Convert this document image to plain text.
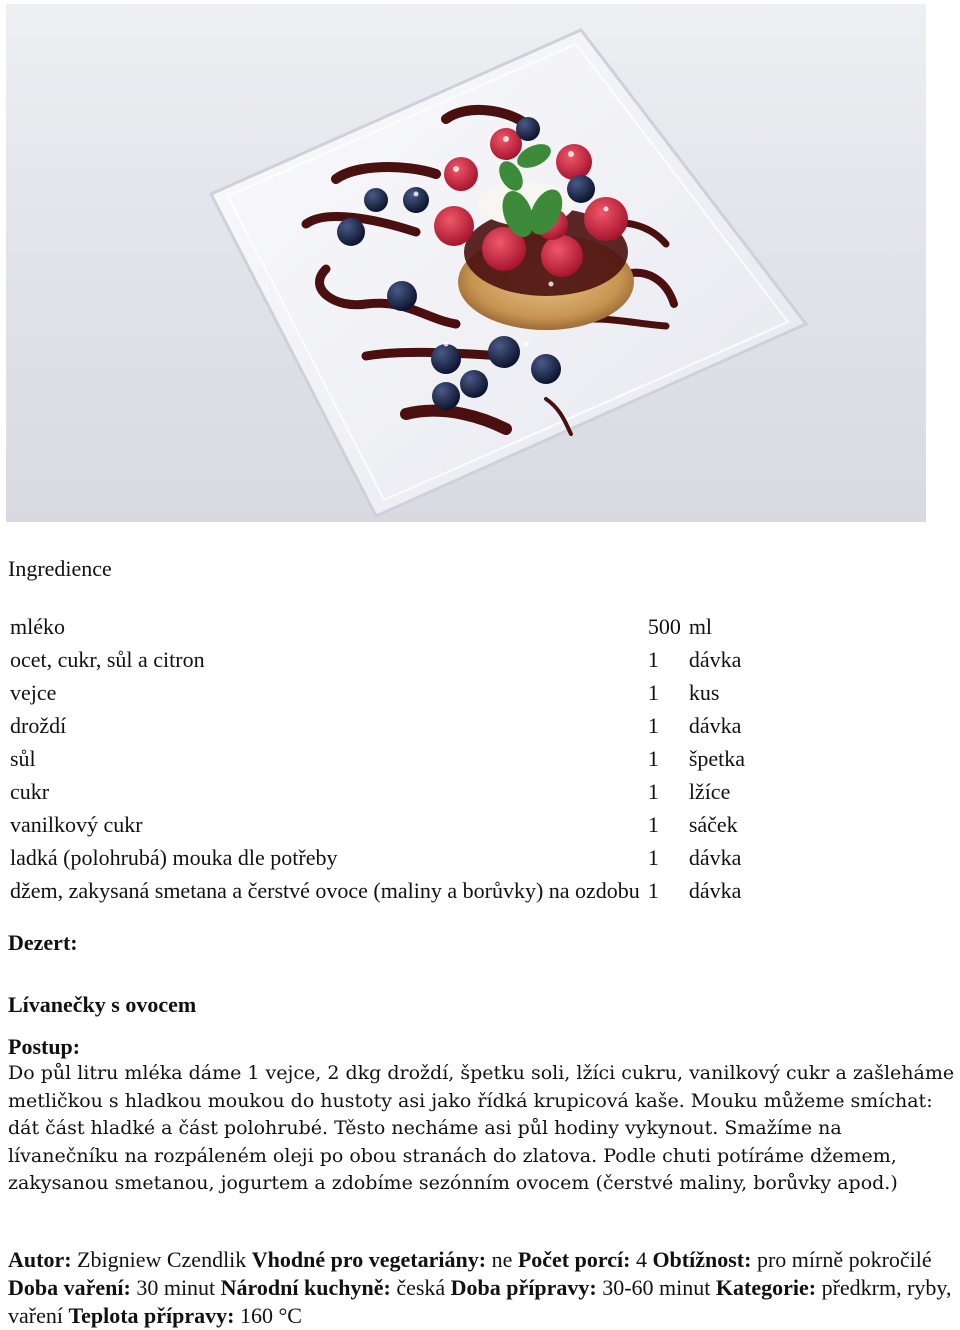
Ingredience
mléko	500	ml
ocet, cukr, sůl a citron	1	dávka
vejce	1	kus
droždí	1	dávka
sůl	1	špetka
cukr	1	lžíce
vanilkový cukr	1	sáček
ladká (polohrubá) mouka dle potřeby	1	dávka
džem, zakysaná smetana a čerstvé ovoce (maliny a borůvky) na ozdobu	1	dávka
Dezert:
Lívanečky s ovocem
Postup:
Do půl litru mléka dáme 1 vejce, 2 dkg droždí, špetku soli, lžíci cukru, vanilkový cukr a zašleháme metličkou s hladkou moukou do hustoty asi jako řídká krupicová kaše. Mouku můžeme smíchat: dát část hladké a část polohrubé. Těsto necháme asi půl hodiny vykynout. Smažíme na lívanečníku na rozpáleném oleji po obou stranách do zlatova. Podle chuti potíráme džemem, zakysanou smetanou, jogurtem a zdobíme sezónním ovocem (čerstvé maliny, borůvky apod.)
Autor: Zbigniew Czendlik Vhodné pro vegetariány: ne Počet porcí: 4 Obtížnost: pro mírně pokročilé Doba vaření: 30 minut Národní kuchyně: česká Doba přípravy: 30-60 minut Kategorie: předkrm, ryby, vaření Teplota přípravy: 160 °C
